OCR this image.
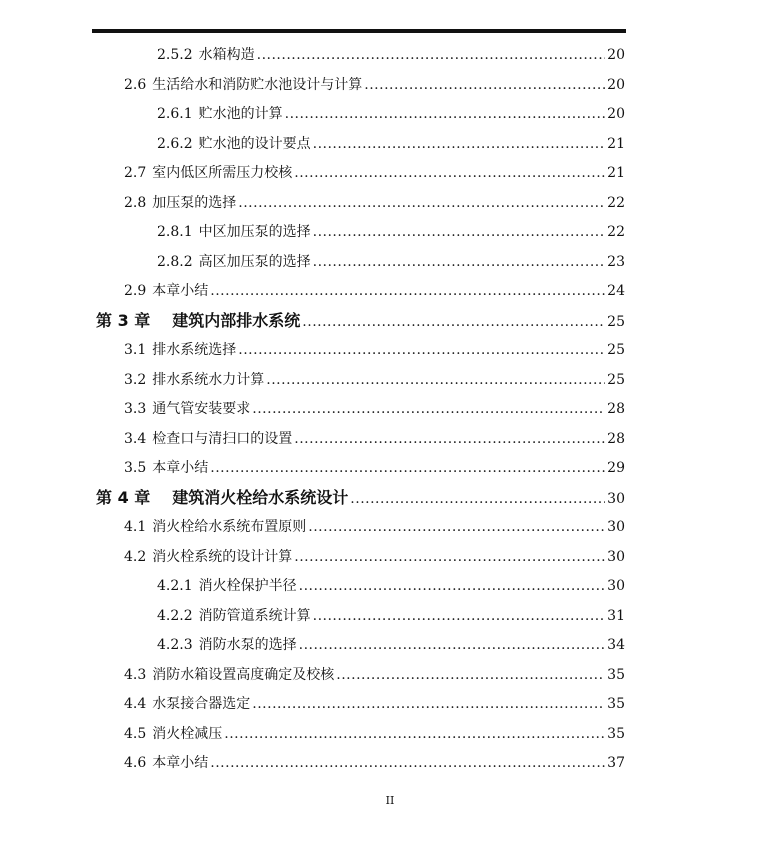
2.5.2 水箱构造 .....	20
2.6 生活给水和消防贮水池设计与计算 .....	20
2.6.1 贮水池的计算 .....	20
2.6.2 贮水池的设计要点 .....	21
2.7 室内低区所需压力校核 .....	21
2.8 加压泵的选择 .....	22
2.8.1 中区加压泵的选择 .....	22
2.8.2 高区加压泵的选择 .....	23
2.9 本章小结 .....	24
第 3 章 建筑内部排水系统 .....	25
3.1 排水系统选择 .....	25
3.2 排水系统水力计算 .....	25
3.3 通气管安装要求 .....	28
3.4 检查口与清扫口的设置 .....	28
3.5 本章小结 .....	29
第 4 章 建筑消火栓给水系统设计 .....	30
4.1 消火栓给水系统布置原则 .....	30
4.2 消火栓系统的设计计算 .....	30
4.2.1 消火栓保护半径 .....	30
4.2.2 消防管道系统计算 .....	31
4.2.3 消防水泵的选择 .....	34
4.3 消防水箱设置高度确定及校核 .....	35
4.4 水泵接合器选定 .....	35
4.5 消火栓减压 .....	35
4.6 本章小结 .....	37
II
